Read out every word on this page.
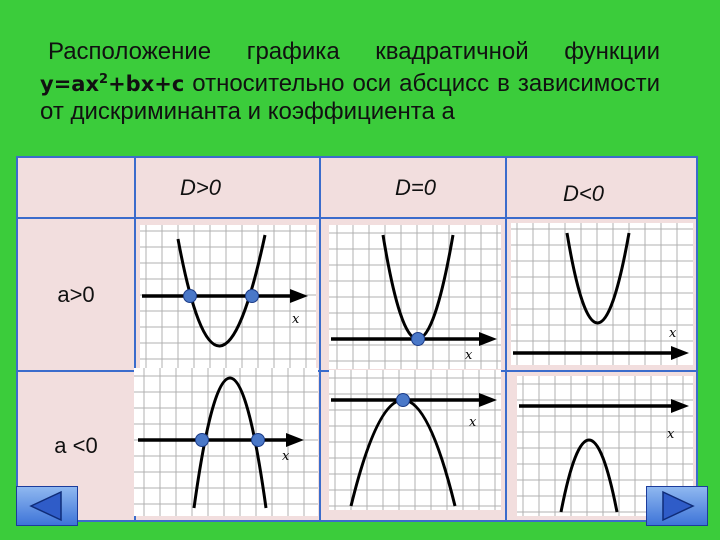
Расположение графика квадратичной функции $y=ax^2+bx+c$ относительно оси абсцисс в зависимости от дискриминанта и коэффициента a
	D>0	D=0	D<0
a>0	x	x	x

a <0	x	x	x
